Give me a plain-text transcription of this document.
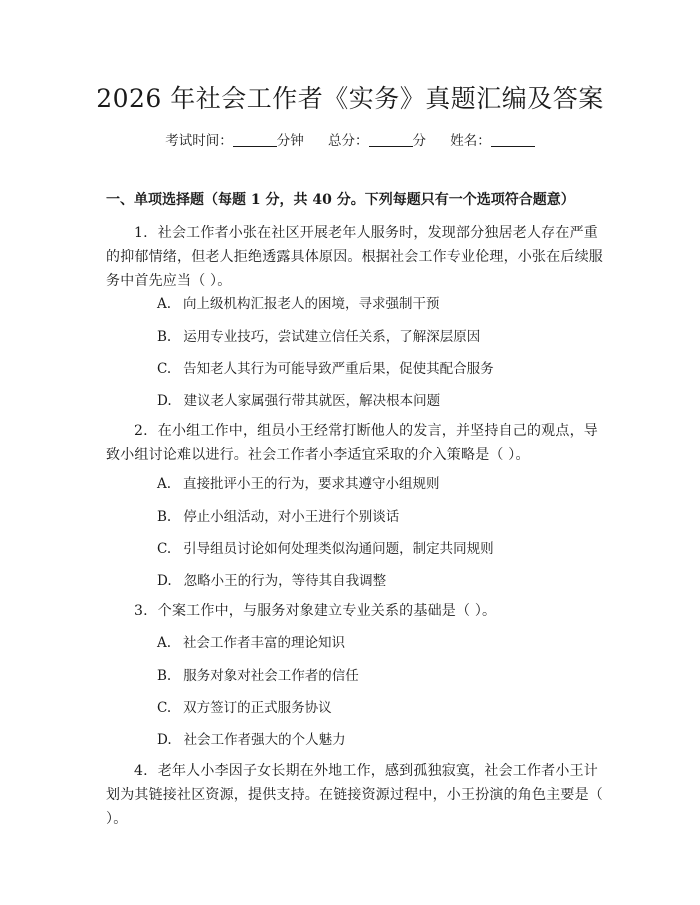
2026 年社会工作者《实务》真题汇编及答案
考试时间：	分钟 总分：	分 姓名：
一、单项选择题（每题 1 分，共 40 分。下列每题只有一个选项符合题意）
1. 社会工作者小张在社区开展老年人服务时，发现部分独居老人存在严重的抑郁情绪，但老人拒绝透露具体原因。根据社会工作专业伦理，小张在后续服务中首先应当（ ）。
A. 向上级机构汇报老人的困境，寻求强制干预
B. 运用专业技巧，尝试建立信任关系，了解深层原因
C. 告知老人其行为可能导致严重后果，促使其配合服务
D. 建议老人家属强行带其就医，解决根本问题
2. 在小组工作中，组员小王经常打断他人的发言，并坚持自己的观点，导致小组讨论难以进行。社会工作者小李适宜采取的介入策略是（ ）。
A. 直接批评小王的行为，要求其遵守小组规则
B. 停止小组活动，对小王进行个别谈话
C. 引导组员讨论如何处理类似沟通问题，制定共同规则
D. 忽略小王的行为，等待其自我调整
3. 个案工作中，与服务对象建立专业关系的基础是（ ）。
A. 社会工作者丰富的理论知识
B. 服务对象对社会工作者的信任
C. 双方签订的正式服务协议
D. 社会工作者强大的个人魅力
4. 老年人小李因子女长期在外地工作，感到孤独寂寞，社会工作者小王计划为其链接社区资源，提供支持。在链接资源过程中，小王扮演的角色主要是（ ）。
